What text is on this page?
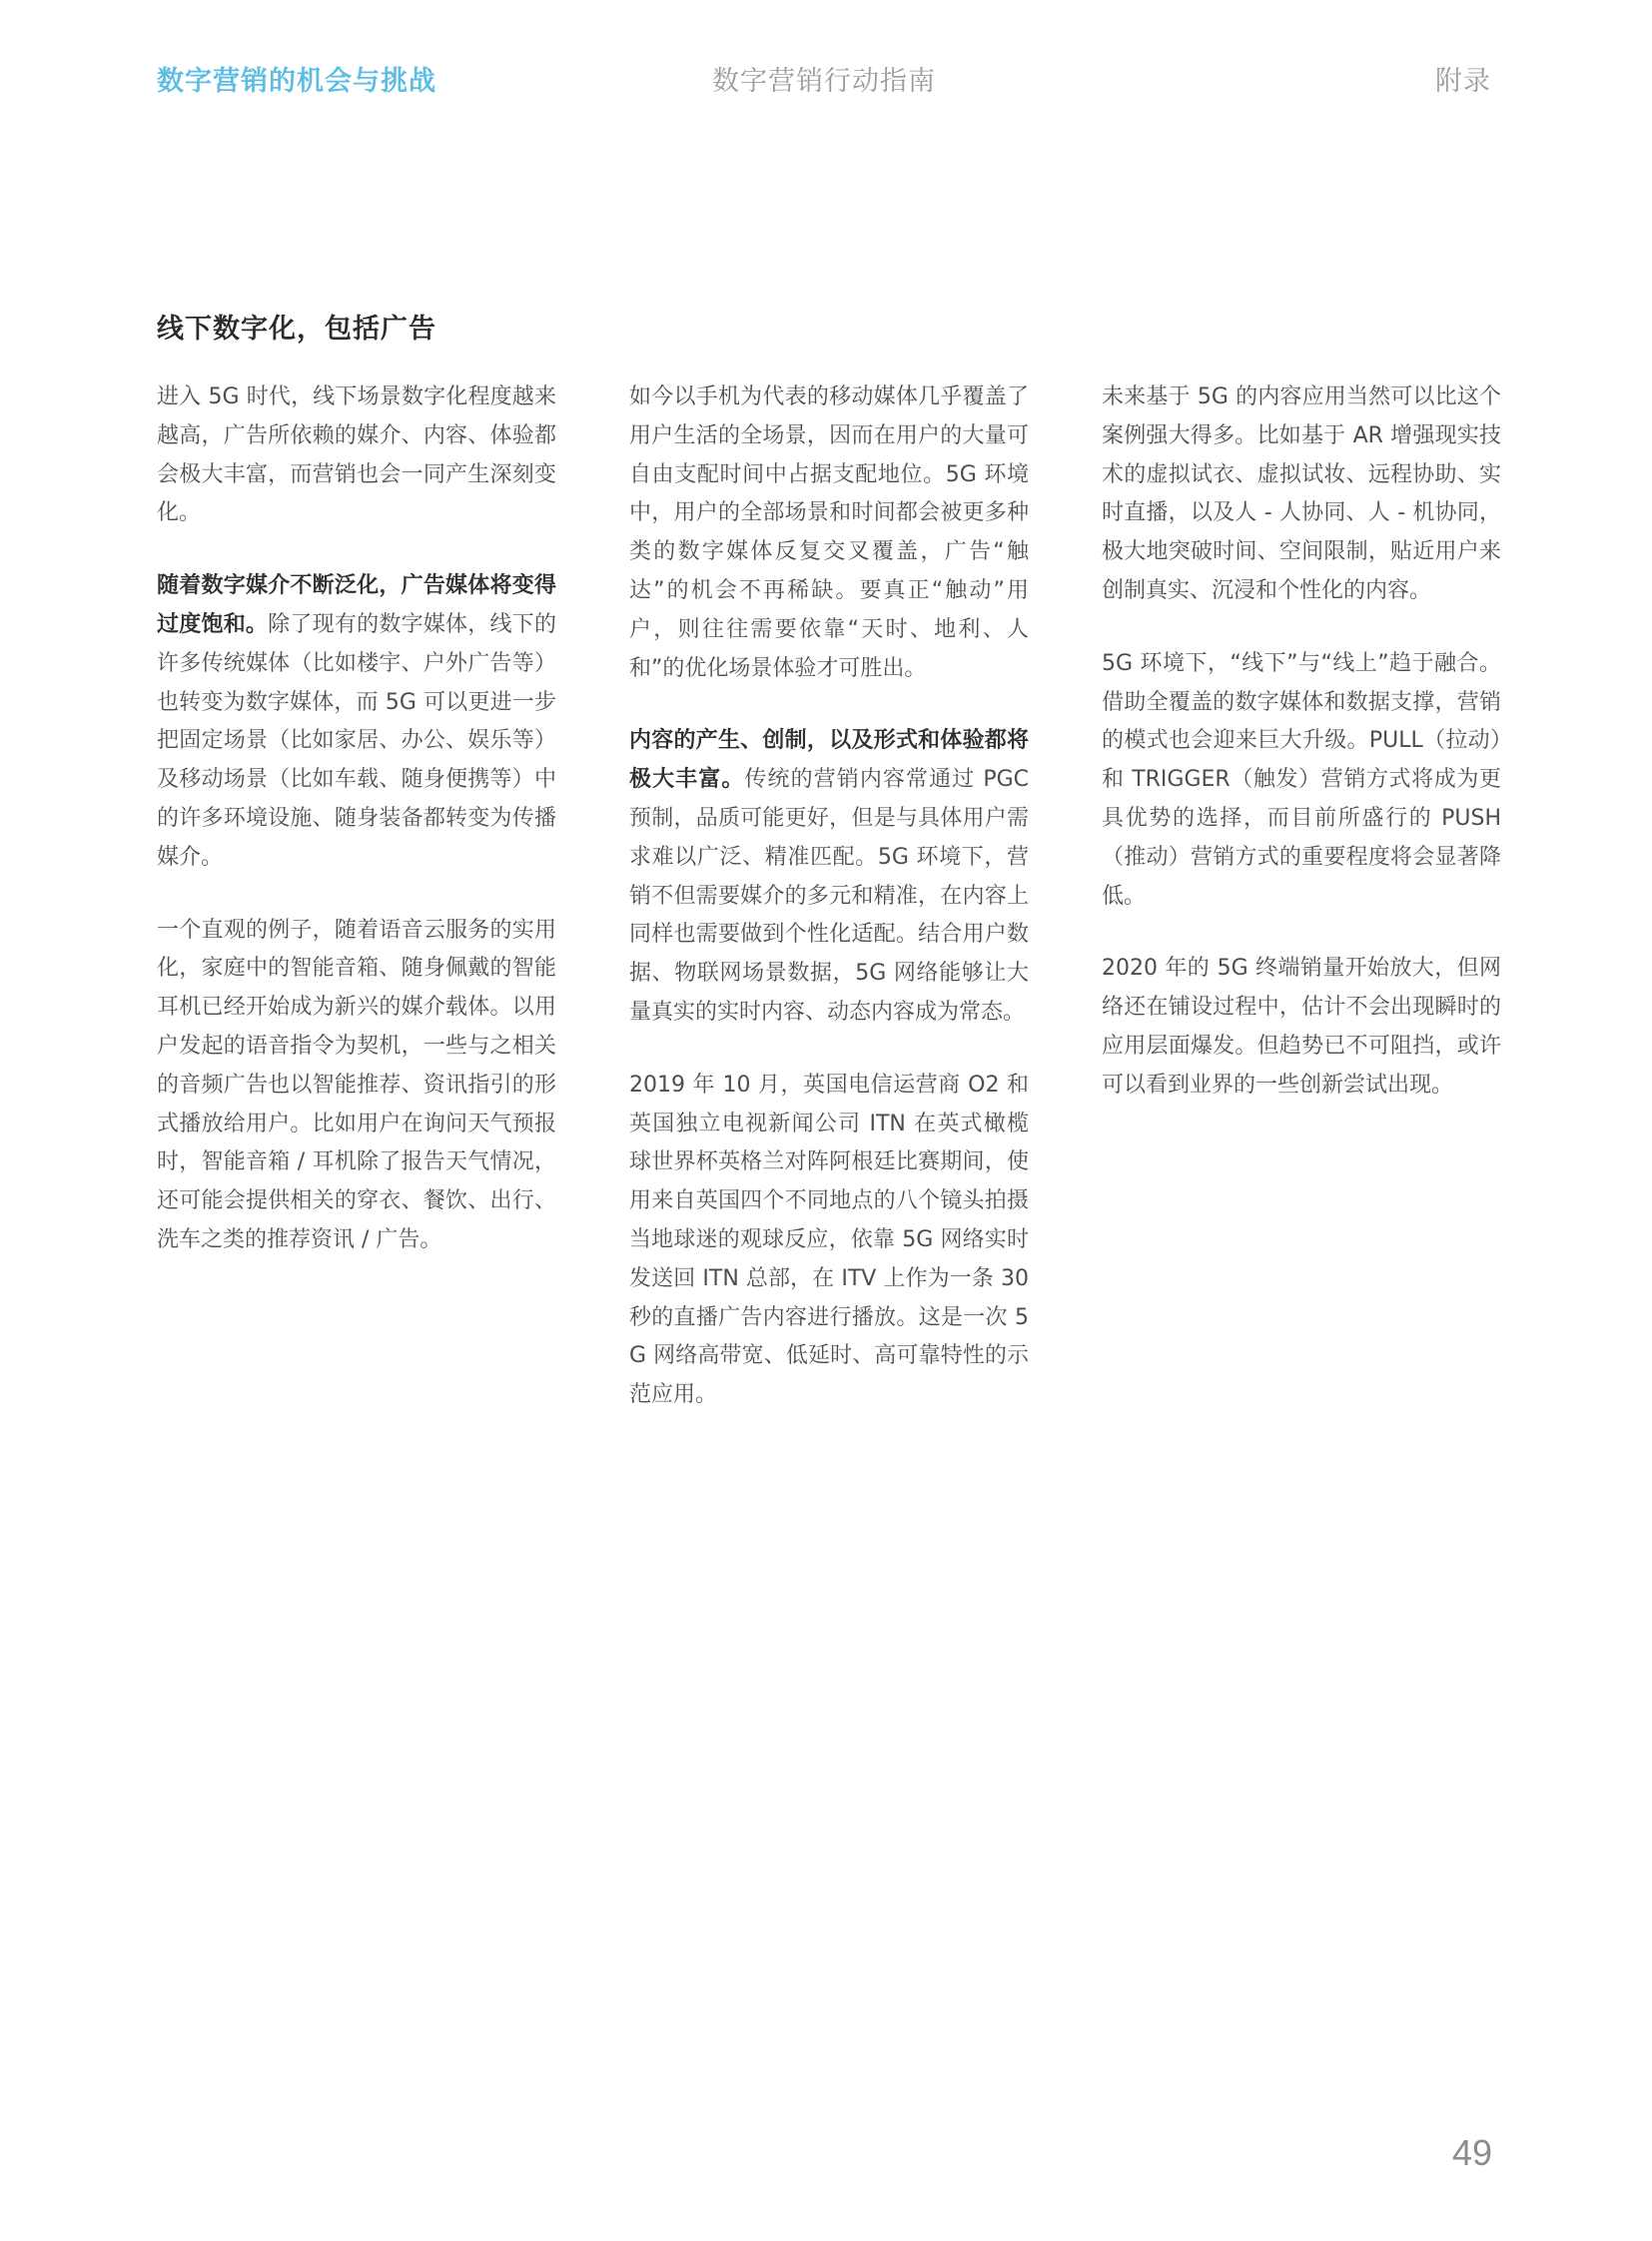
数字营销的机会与挑战	数字营销行动指南	附录
线下数字化，包括广告

进入 5G 时代，线下场景数字化程度越来越高，广告所依赖的媒介、内容、体验都会极大丰富，而营销也会一同产生深刻变化。

随着数字媒介不断泛化，广告媒体将变得过度饱和。除了现有的数字媒体，线下的许多传统媒体（比如楼宇、户外广告等）也转变为数字媒体，而 5G 可以更进一步把固定场景（比如家居、办公、娱乐等）及移动场景（比如车载、随身便携等）中的许多环境设施、随身装备都转变为传播媒介。

一个直观的例子，随着语音云服务的实用化，家庭中的智能音箱、随身佩戴的智能耳机已经开始成为新兴的媒介载体。以用户发起的语音指令为契机，一些与之相关的音频广告也以智能推荐、资讯指引的形式播放给用户。比如用户在询问天气预报时，智能音箱 / 耳机除了报告天气情况，还可能会提供相关的穿衣、餐饮、出行、洗车之类的推荐资讯 / 广告。

如今以手机为代表的移动媒体几乎覆盖了用户生活的全场景，因而在用户的大量可自由支配时间中占据支配地位。5G 环境中，用户的全部场景和时间都会被更多种类的数字媒体反复交叉覆盖，广告“触达”的机会不再稀缺。要真正“触动”用户，则往往需要依靠“天时、地利、人和”的优化场景体验才可胜出。

内容的产生、创制，以及形式和体验都将极大丰富。传统的营销内容常通过 PGC 预制，品质可能更好，但是与具体用户需求难以广泛、精准匹配。5G 环境下，营销不但需要媒介的多元和精准，在内容上同样也需要做到个性化适配。结合用户数据、物联网场景数据，5G 网络能够让大量真实的实时内容、动态内容成为常态。

2019 年 10 月，英国电信运营商 O2 和英国独立电视新闻公司 ITN 在英式橄榄球世界杯英格兰对阵阿根廷比赛期间，使用来自英国四个不同地点的八个镜头拍摄当地球迷的观球反应，依靠 5G 网络实时发送回 ITN 总部，在 ITV 上作为一条 30 秒的直播广告内容进行播放。这是一次 5G 网络高带宽、低延时、高可靠特性的示范应用。

未来基于 5G 的内容应用当然可以比这个案例强大得多。比如基于 AR 增强现实技术的虚拟试衣、虚拟试妆、远程协助、实时直播，以及人 - 人协同、人 - 机协同，极大地突破时间、空间限制，贴近用户来创制真实、沉浸和个性化的内容。

5G 环境下，“线下”与“线上”趋于融合。借助全覆盖的数字媒体和数据支撑，营销的模式也会迎来巨大升级。PULL（拉动）和 TRIGGER（触发）营销方式将成为更具优势的选择，而目前所盛行的 PUSH（推动）营销方式的重要程度将会显著降低。

2020 年的 5G 终端销量开始放大，但网络还在铺设过程中，估计不会出现瞬时的应用层面爆发。但趋势已不可阻挡，或许可以看到业界的一些创新尝试出现。

49
